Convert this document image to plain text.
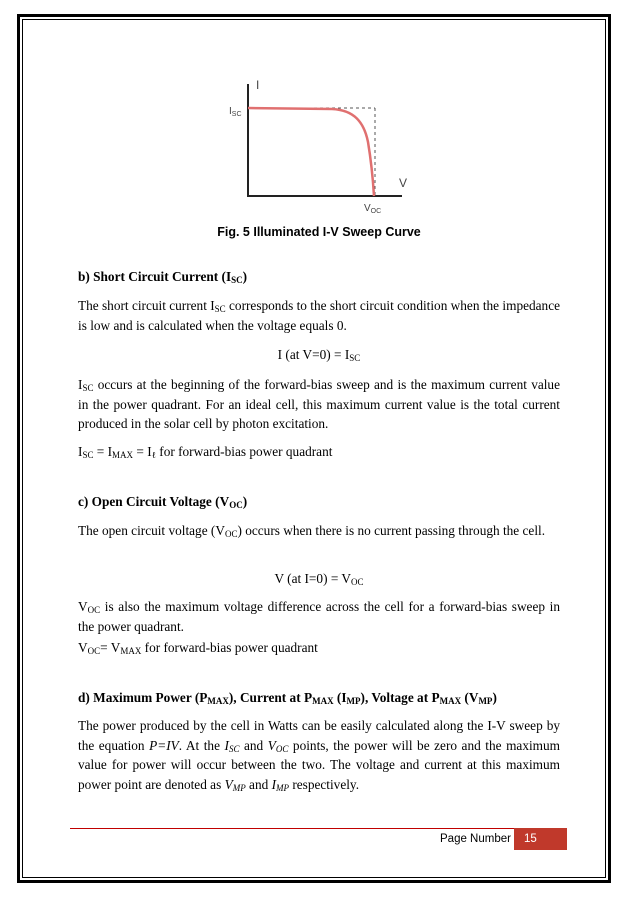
I
V
$I_{SC}$
$V_{OC}$
Fig. 5 Illuminated I-V Sweep Curve
b) Short Circuit Current $(I_{SC})$
The short circuit current $I_{SC}$ corresponds to the short circuit condition when the impedance is low and is calculated when the voltage equals 0.
I (at $V=0) = I_{SC}$
$I_{SC}$ occurs at the beginning of the forward-bias sweep and is the maximum current value in the power quadrant. For an ideal cell, this maximum current value is the total current produced in the solar cell by photon excitation.
$I_{SC} = I_{MAX} = I_\ell$ for forward-bias power quadrant
c) Open Circuit Voltage $(V_{OC})$
The open circuit voltage $(V_{OC})$ occurs when there is no current passing through the cell.
V (at $I=0) = V_{OC}$
$V_{OC}$ is also the maximum voltage difference across the cell for a forward-bias sweep in the power quadrant.
$V_{OC}= V_{MAX}$ for forward-bias power quadrant
d) Maximum Power $(P_{MAX})$, Current at $P_{MAX}$ $(I_{MP})$, Voltage at $P_{MAX}$ $(V_{MP})$
The power produced by the cell in Watts can be easily calculated along the I-V sweep by the equation P=IV. At the $I_{SC}$ and $V_{OC}$ points, the power will be zero and the maximum value for power will occur between the two. The voltage and current at this maximum power point are denoted as $V_{MP}$ and $I_{MP}$ respectively.
Page Number	15
